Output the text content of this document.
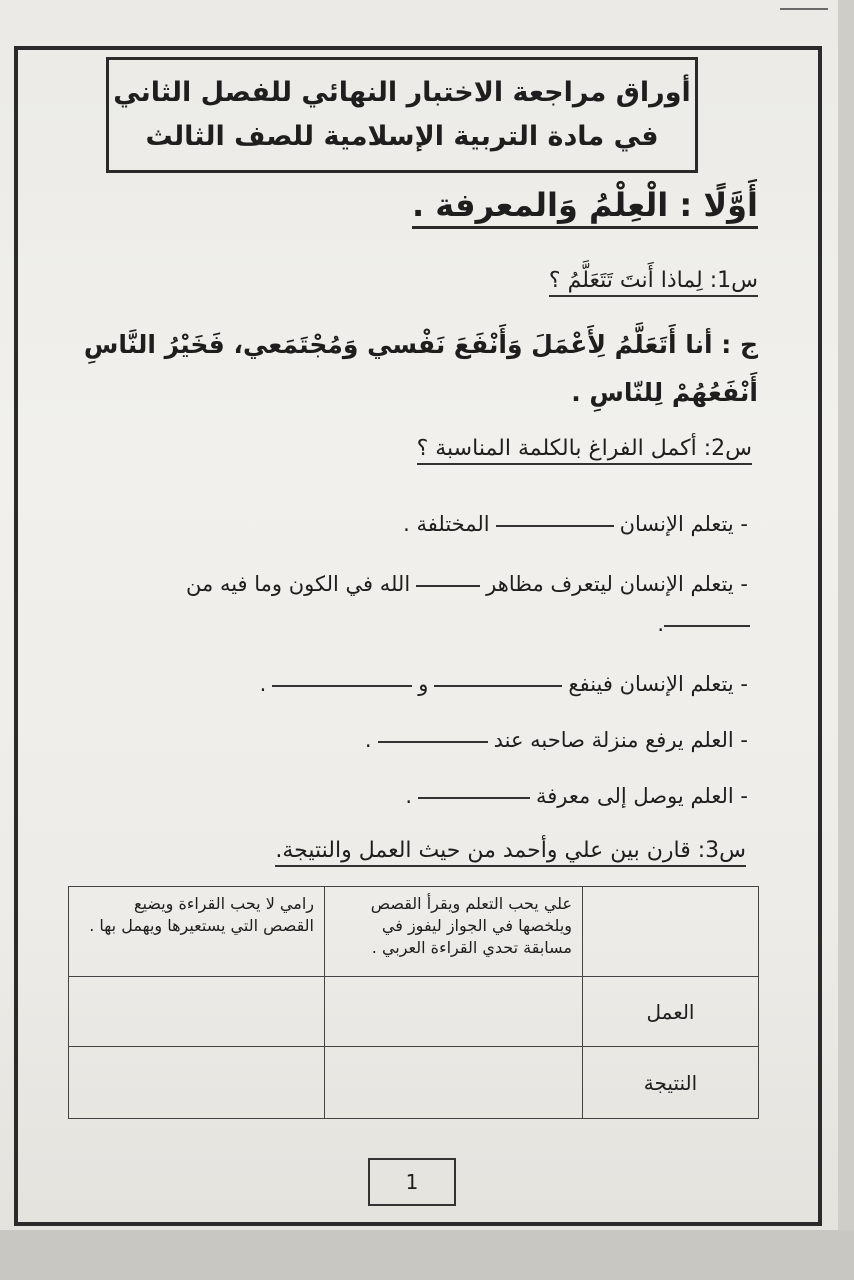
أوراق مراجعة الاختبار النهائي للفصل الثاني
في مادة التربية الإسلامية للصف الثالث
أَوَّلًا : الْعِلْمُ وَالمعرفة .
س1: لِماذا أَنتَ تَتَعَلَّمُ ؟
ج : أنا أَتَعَلَّمُ لِأَعْمَلَ وَأَنْفَعَ نَفْسي وَمُجْتَمَعي، فَخَيْرُ النَّاسِ
أَنْفَعُهُمْ لِلنّاسِ .
س2: أكمل الفراغ بالكلمة المناسبة ؟
- يتعلم الإنسانالمختلفة .
- يتعلم الإنسان ليتعرف مظاهرالله في الكون وما فيه من
.
- يتعلم الإنسان فينفعو.
- العلم يرفع منزلة صاحبه عند.
- العلم يوصل إلى معرفة.
س3: قارن بين علي وأحمد من حيث العمل والنتيجة.
	علي يحب التعلم ويقرأ القصص ويلخصها في الجواز ليفوز في مسابقة تحدي القراءة العربي .	رامي لا يحب القراءة ويضيع القصص التي يستعيرها ويهمل بها .
العمل		
النتيجة		
1
